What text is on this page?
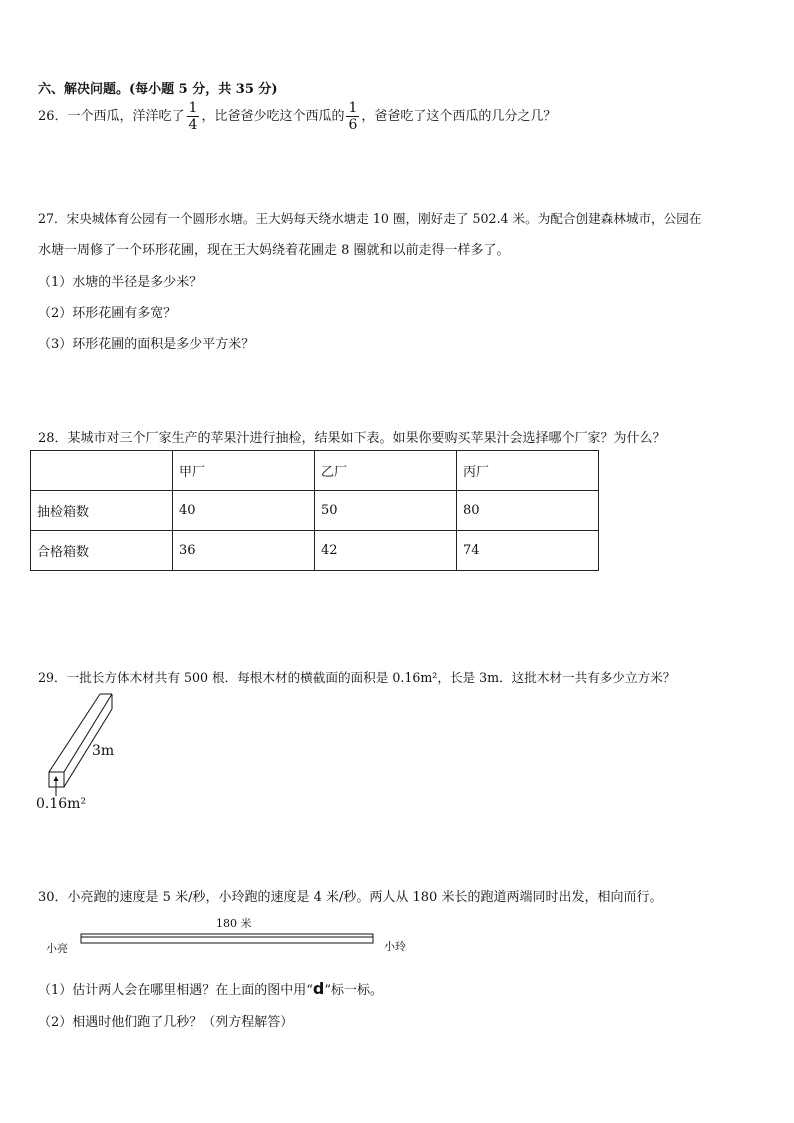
六、解决问题。(每小题 5 分，共 35 分)
26．一个西瓜，洋洋吃了 $\frac{1}{4}$ ，比爸爸少吃这个西瓜的 $\frac{1}{6}$ ，爸爸吃了这个西瓜的几分之几？
27．宋央城体育公园有一个圆形水塘。王大妈每天绕水塘走 10 圈，刚好走了 502.4 米。为配合创建森林城市，公园在
水塘一周修了一个环形花圃，现在王大妈绕着花圃走 8 圈就和以前走得一样多了。
（1）水塘的半径是多少米？
（2）环形花圃有多宽？
（3）环形花圃的面积是多少平方米？
28．某城市对三个厂家生产的苹果汁进行抽检，结果如下表。如果你要购买苹果汁会选择哪个厂家？为什么？
	甲厂	乙厂	丙厂
抽检箱数	40	50	80
合格箱数	36	42	74
29．一批长方体木材共有 500 根．每根木材的横截面的面积是 0.16m²，长是 3m．这批木材一共有多少立方米？
3m
0.16m²
30．小亮跑的速度是 5 米/秒，小玲跑的速度是 4 米/秒。两人从 180 米长的跑道两端同时出发，相向而行。
180 米
小亮	小玲
（1）估计两人会在哪里相遇？在上面的图中用“d”标一标。
（2）相遇时他们跑了几秒？（列方程解答）
